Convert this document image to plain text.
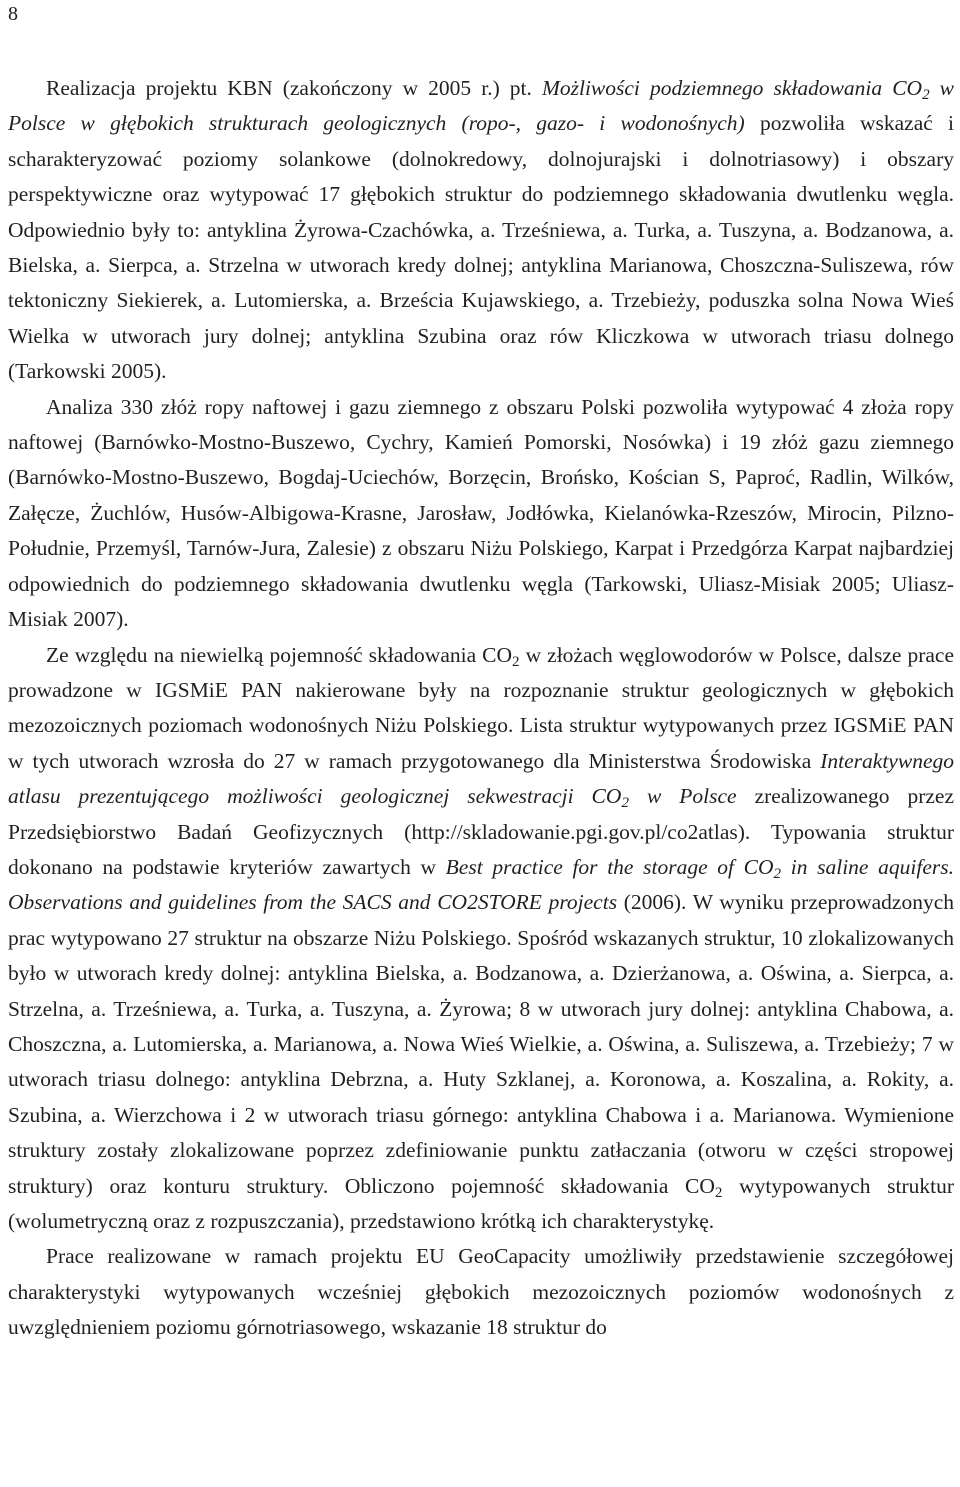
8

Realizacja projektu KBN (zakończony w 2005 r.) pt. Możliwości podziemnego składowania $CO_2$ w Polsce w głębokich strukturach geologicznych (ropo-, gazo- i wodonośnych) pozwoliła wskazać i scharakteryzować poziomy solankowe (dolnokredowy, dolnojurajski i dolnotriasowy) i obszary perspektywiczne oraz wytypować 17 głębokich struktur do podziemnego składowania dwutlenku węgla. Odpowiednio były to: antyklina Żyrowa-Czachówka, a. Trześniewa, a. Turka, a. Tuszyna, a. Bodzanowa, a. Bielska, a. Sierpca, a. Strzelna w utworach kredy dolnej; antyklina Marianowa, Choszczna-Suliszewa, rów tektoniczny Siekierek, a. Lutomierska, a. Brześcia Kujawskiego, a. Trzebieży, poduszka solna Nowa Wieś Wielka w utworach jury dolnej; antyklina Szubina oraz rów Kliczkowa w utworach triasu dolnego (Tarkowski 2005).

Analiza 330 złóż ropy naftowej i gazu ziemnego z obszaru Polski pozwoliła wytypować 4 złoża ropy naftowej (Barnówko-Mostno-Buszewo, Cychry, Kamień Pomorski, Nosówka) i 19 złóż gazu ziemnego (Barnówko-Mostno-Buszewo, Bogdaj-Uciechów, Borzęcin, Brońsko, Kościan S, Paproć, Radlin, Wilków, Załęcze, Żuchlów, Husów-Albigowa-Krasne, Jarosław, Jodłówka, Kielanówka-Rzeszów, Mirocin, Pilzno-Południe, Przemyśl, Tarnów-Jura, Zalesie) z obszaru Niżu Polskiego, Karpat i Przedgórza Karpat najbardziej odpowiednich do podziemnego składowania dwutlenku węgla (Tarkowski, Uliasz-Misiak 2005; Uliasz-Misiak 2007).

Ze względu na niewielką pojemność składowania $CO_2$ w złożach węglowodorów w Polsce, dalsze prace prowadzone w IGSMiE PAN nakierowane były na rozpoznanie struktur geologicznych w głębokich mezozoicznych poziomach wodonośnych Niżu Polskiego. Lista struktur wytypowanych przez IGSMiE PAN w tych utworach wzrosła do 27 w ramach przygotowanego dla Ministerstwa Środowiska Interaktywnego atlasu prezentującego możliwości geologicznej sekwestracji $CO_2$ w Polsce zrealizowanego przez Przedsiębiorstwo Badań Geofizycznych (http://skladowanie.pgi.gov.pl/co2atlas). Typowania struktur dokonano na podstawie kryteriów zawartych w Best practice for the storage of $CO_2$ in saline aquifers. Observations and guidelines from the SACS and CO2STORE projects (2006). W wyniku przeprowadzonych prac wytypowano 27 struktur na obszarze Niżu Polskiego. Spośród wskazanych struktur, 10 zlokalizowanych było w utworach kredy dolnej: antyklina Bielska, a. Bodzanowa, a. Dzierżanowa, a. Oświna, a. Sierpca, a. Strzelna, a. Trześniewa, a. Turka, a. Tuszyna, a. Żyrowa; 8 w utworach jury dolnej: antyklina Chabowa, a. Choszczna, a. Lutomierska, a. Marianowa, a. Nowa Wieś Wielkie, a. Oświna, a. Suliszewa, a. Trzebieży; 7 w utworach triasu dolnego: antyklina Debrzna, a. Huty Szklanej, a. Koronowa, a. Koszalina, a. Rokity, a. Szubina, a. Wierzchowa i 2 w utworach triasu górnego: antyklina Chabowa i a. Marianowa. Wymienione struktury zostały zlokalizowane poprzez zdefiniowanie punktu zatłaczania (otworu w części stropowej struktury) oraz konturu struktury. Obliczono pojemność składowania $CO_2$ wytypowanych struktur (wolumetryczną oraz z rozpuszczania), przedstawiono krótką ich charakterystykę.

Prace realizowane w ramach projektu EU GeoCapacity umożliwiły przedstawienie szczegółowej charakterystyki wytypowanych wcześniej głębokich mezozoicznych poziomów wodonośnych z uwzględnieniem poziomu górnotriasowego, wskazanie 18 struktur do
